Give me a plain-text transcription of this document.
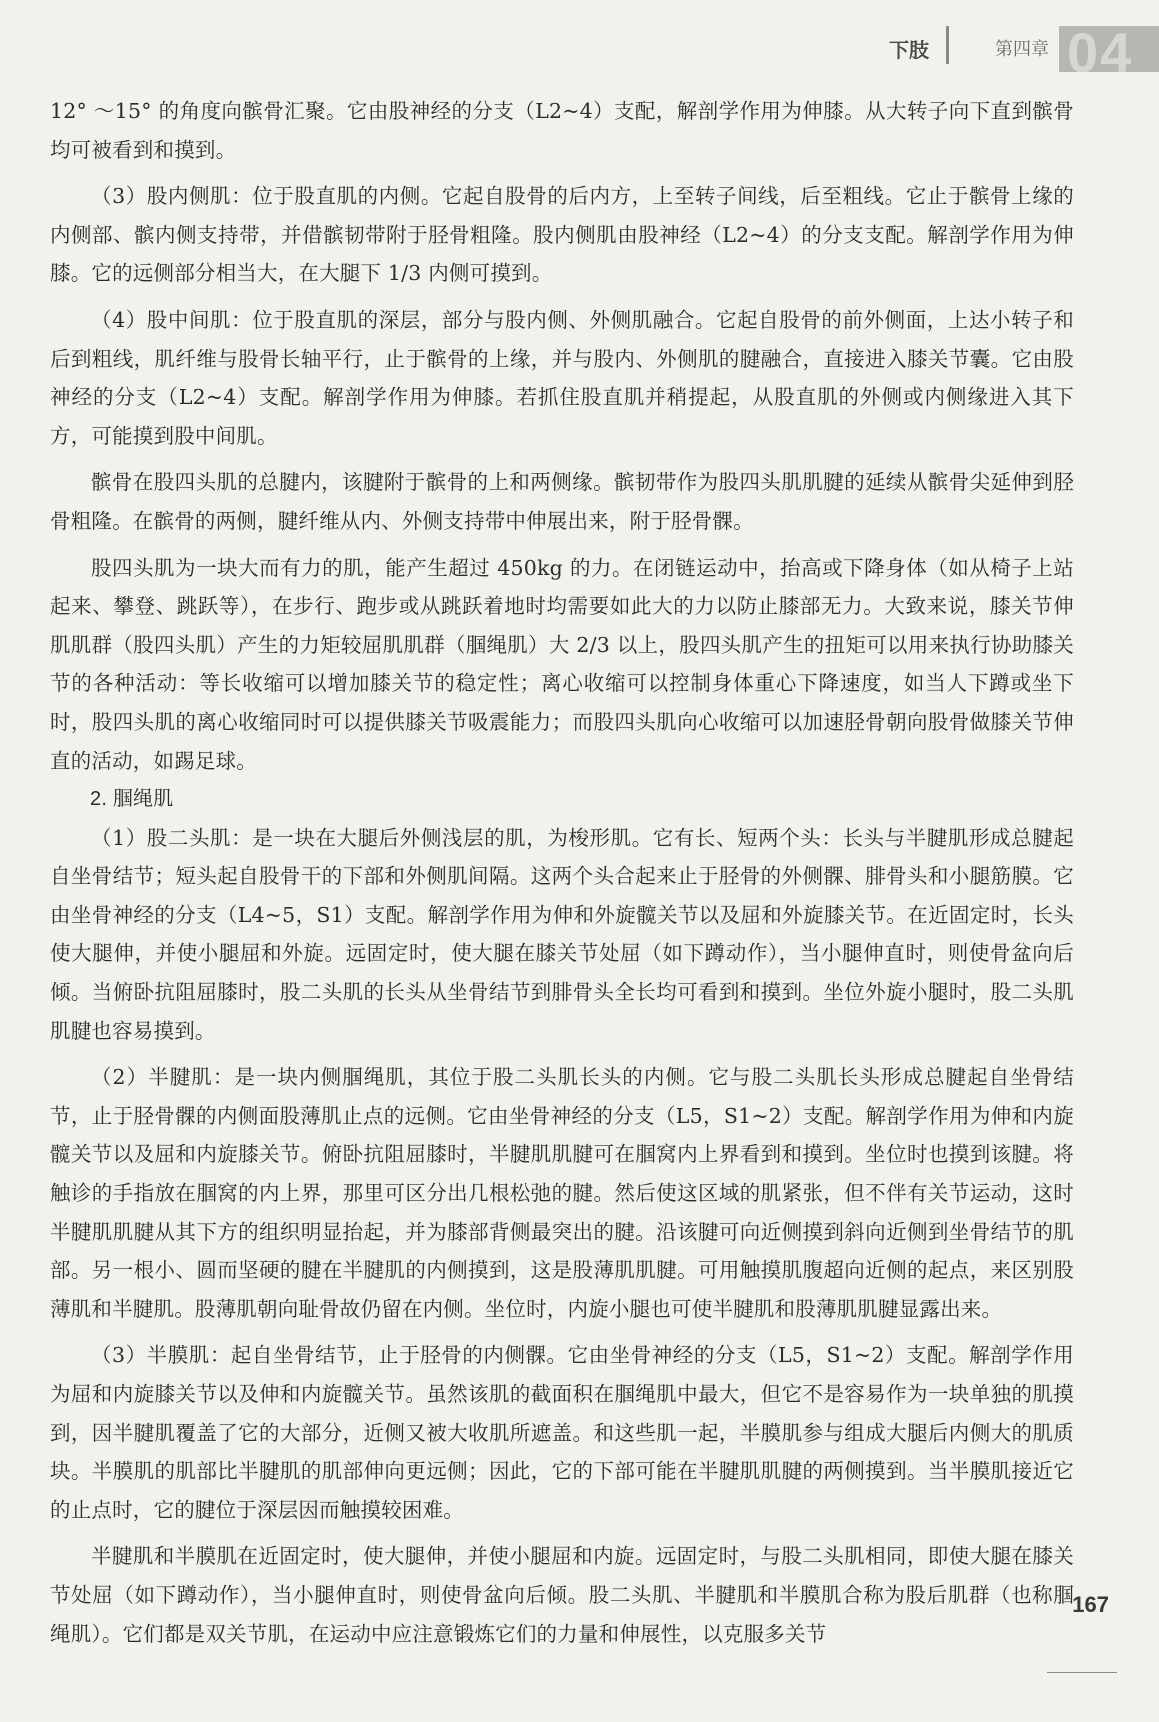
下肢	第四章 04

12° ～15° 的角度向髌骨汇聚。它由股神经的分支（L2~4）支配，解剖学作用为伸膝。从大转子向下直到髌骨均可被看到和摸到。

（3）股内侧肌：位于股直肌的内侧。它起自股骨的后内方，上至转子间线，后至粗线。它止于髌骨上缘的内侧部、髌内侧支持带，并借髌韧带附于胫骨粗隆。股内侧肌由股神经（L2~4）的分支支配。解剖学作用为伸膝。它的远侧部分相当大，在大腿下 1/3 内侧可摸到。

（4）股中间肌：位于股直肌的深层，部分与股内侧、外侧肌融合。它起自股骨的前外侧面，上达小转子和后到粗线，肌纤维与股骨长轴平行，止于髌骨的上缘，并与股内、外侧肌的腱融合，直接进入膝关节囊。它由股神经的分支（L2~4）支配。解剖学作用为伸膝。若抓住股直肌并稍提起，从股直肌的外侧或内侧缘进入其下方，可能摸到股中间肌。

髌骨在股四头肌的总腱内，该腱附于髌骨的上和两侧缘。髌韧带作为股四头肌肌腱的延续从髌骨尖延伸到胫骨粗隆。在髌骨的两侧，腱纤维从内、外侧支持带中伸展出来，附于胫骨髁。

股四头肌为一块大而有力的肌，能产生超过 450kg 的力。在闭链运动中，抬高或下降身体（如从椅子上站起来、攀登、跳跃等），在步行、跑步或从跳跃着地时均需要如此大的力以防止膝部无力。大致来说，膝关节伸肌肌群（股四头肌）产生的力矩较屈肌肌群（腘绳肌）大 2/3 以上，股四头肌产生的扭矩可以用来执行协助膝关节的各种活动：等长收缩可以增加膝关节的稳定性；离心收缩可以控制身体重心下降速度，如当人下蹲或坐下时，股四头肌的离心收缩同时可以提供膝关节吸震能力；而股四头肌向心收缩可以加速胫骨朝向股骨做膝关节伸直的活动，如踢足球。

2. 腘绳肌

（1）股二头肌：是一块在大腿后外侧浅层的肌，为梭形肌。它有长、短两个头：长头与半腱肌形成总腱起自坐骨结节；短头起自股骨干的下部和外侧肌间隔。这两个头合起来止于胫骨的外侧髁、腓骨头和小腿筋膜。它由坐骨神经的分支（L4~5，S1）支配。解剖学作用为伸和外旋髋关节以及屈和外旋膝关节。在近固定时，长头使大腿伸，并使小腿屈和外旋。远固定时，使大腿在膝关节处屈（如下蹲动作），当小腿伸直时，则使骨盆向后倾。当俯卧抗阻屈膝时，股二头肌的长头从坐骨结节到腓骨头全长均可看到和摸到。坐位外旋小腿时，股二头肌肌腱也容易摸到。

（2）半腱肌：是一块内侧腘绳肌，其位于股二头肌长头的内侧。它与股二头肌长头形成总腱起自坐骨结节，止于胫骨髁的内侧面股薄肌止点的远侧。它由坐骨神经的分支（L5，S1~2）支配。解剖学作用为伸和内旋髋关节以及屈和内旋膝关节。俯卧抗阻屈膝时，半腱肌肌腱可在腘窝内上界看到和摸到。坐位时也摸到该腱。将触诊的手指放在腘窝的内上界，那里可区分出几根松弛的腱。然后使这区域的肌紧张，但不伴有关节运动，这时半腱肌肌腱从其下方的组织明显抬起，并为膝部背侧最突出的腱。沿该腱可向近侧摸到斜向近侧到坐骨结节的肌部。另一根小、圆而坚硬的腱在半腱肌的内侧摸到，这是股薄肌肌腱。可用触摸肌腹超向近侧的起点，来区别股薄肌和半腱肌。股薄肌朝向耻骨故仍留在内侧。坐位时，内旋小腿也可使半腱肌和股薄肌肌腱显露出来。

（3）半膜肌：起自坐骨结节，止于胫骨的内侧髁。它由坐骨神经的分支（L5，S1~2）支配。解剖学作用为屈和内旋膝关节以及伸和内旋髋关节。虽然该肌的截面积在腘绳肌中最大，但它不是容易作为一块单独的肌摸到，因半腱肌覆盖了它的大部分，近侧又被大收肌所遮盖。和这些肌一起，半膜肌参与组成大腿后内侧大的肌质块。半膜肌的肌部比半腱肌的肌部伸向更远侧；因此，它的下部可能在半腱肌肌腱的两侧摸到。当半膜肌接近它的止点时，它的腱位于深层因而触摸较困难。

半腱肌和半膜肌在近固定时，使大腿伸，并使小腿屈和内旋。远固定时，与股二头肌相同，即使大腿在膝关节处屈（如下蹲动作），当小腿伸直时，则使骨盆向后倾。股二头肌、半腱肌和半膜肌合称为股后肌群（也称腘绳肌）。它们都是双关节肌，在运动中应注意锻炼它们的力量和伸展性，以克服多关节

167
